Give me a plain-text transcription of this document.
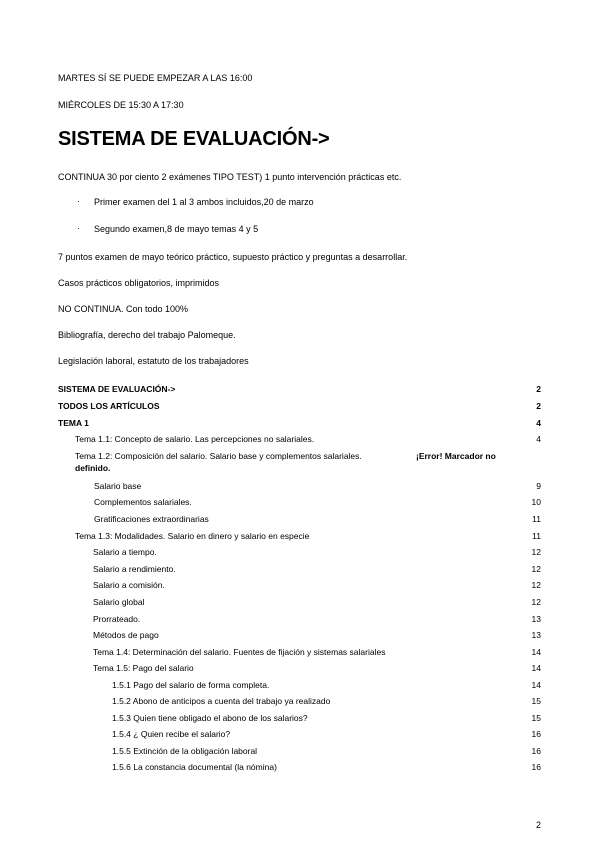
MARTES SÍ SE PUEDE EMPEZAR A LAS 16:00
MIÉRCOLES DE 15:30 A 17:30
SISTEMA DE EVALUACIÓN->
CONTINUA 30 por ciento 2 exámenes TIPO TEST) 1 punto intervención prácticas etc.
· Primer examen del 1 al 3 ambos incluidos,20 de marzo
· Segundo examen,8 de mayo temas 4 y 5
7 puntos examen de mayo teórico práctico, supuesto práctico y preguntas a desarrollar.
Casos prácticos obligatorios, imprimidos
NO CONTINUA. Con todo 100%
Bibliografía, derecho del trabajo Palomeque.
Legislación laboral, estatuto de los trabajadores
SISTEMA DE EVALUACIÓN->	2
TODOS LOS ARTÍCULOS	2
TEMA 1	4
Tema 1.1: Concepto de salario. Las percepciones no salariales.	4
Tema 1.2: Composición del salario. Salario base y complementos salariales.	¡Error! Marcador no
definido.
Salario base	9
Complementos salariales.	10
Gratificaciones extraordinarias	11
Tema 1.3: Modalidades. Salario en dinero y salario en especie	11
Salario a tiempo.	12
Salario a rendimiento.	12
Salario a comisión.	12
Salario global	12
Prorrateado.	13
Métodos de pago	13
Tema 1.4: Determinación del salario. Fuentes de fijación y sistemas salariales	14
Tema 1.5: Pago del salario	14
1.5.1 Pago del salario de forma completa.	14
1.5.2 Abono de anticipos a cuenta del trabajo ya realizado	15
1.5.3 Quien tiene obligado el abono de los salarios?	15
1.5.4 ¿ Quien recibe el salario?	16
1.5.5 Extinción de la obligación laboral	16
1.5.6 La constancia documental (la nómina)	16
2
